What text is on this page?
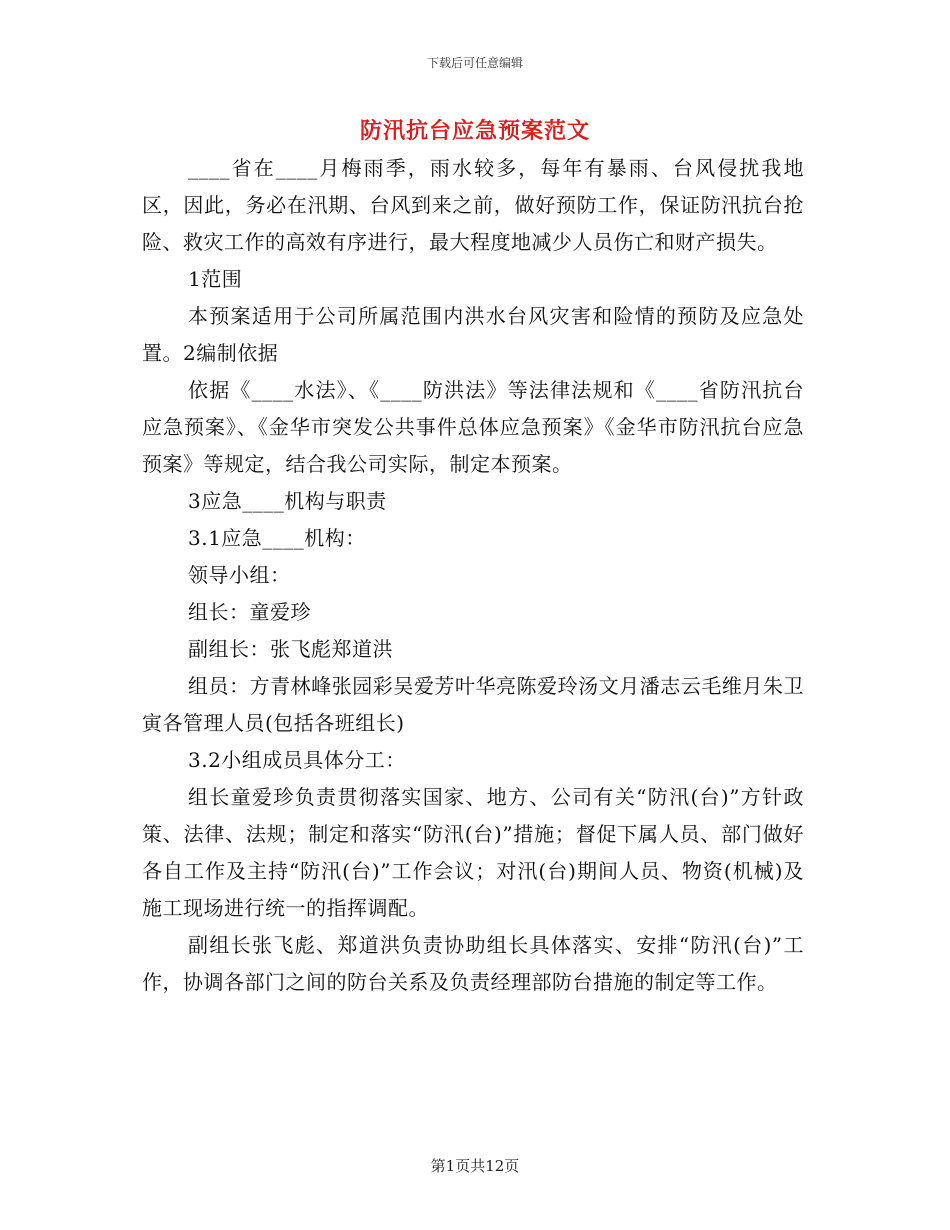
下载后可任意编辑
防汛抗台应急预案范文

____省在____月梅雨季，雨水较多，每年有暴雨、台风侵扰我地区，因此，务必在汛期、台风到来之前，做好预防工作，保证防汛抗台抢险、救灾工作的高效有序进行，最大程度地减少人员伤亡和财产损失。

1范围

本预案适用于公司所属范围内洪水台风灾害和险情的预防及应急处置。2编制依据

依据《____水法》、《____防洪法》等法律法规和《____省防汛抗台应急预案》、《金华市突发公共事件总体应急预案》《金华市防汛抗台应急预案》等规定，结合我公司实际，制定本预案。

3应急____机构与职责

3.1应急____机构：

领导小组：

组长：童爱珍

副组长：张飞彪郑道洪

组员：方青林峰张园彩吴爱芳叶华亮陈爱玲汤文月潘志云毛维月朱卫寅各管理人员(包括各班组长)

3.2小组成员具体分工：

组长童爱珍负责贯彻落实国家、地方、公司有关“防汛(台)”方针政策、法律、法规；制定和落实“防汛(台)”措施；督促下属人员、部门做好各自工作及主持“防汛(台)”工作会议；对汛(台)期间人员、物资(机械)及施工现场进行统一的指挥调配。

副组长张飞彪、郑道洪负责协助组长具体落实、安排“防汛(台)”工作，协调各部门之间的防台关系及负责经理部防台措施的制定等工作。

第1页共12页
